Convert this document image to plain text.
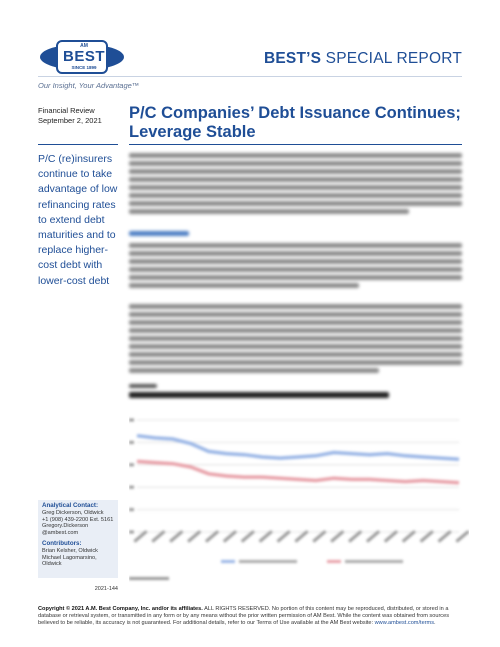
AM
BEST
SINCE 1899
BEST’S SPECIAL REPORT
Our Insight, Your Advantage™
Financial Review
September 2, 2021
P/C (re)insurers continue to take advantage of low refinancing rates to extend debt maturities and to replace higher-cost debt with lower-cost debt
Analytical Contact:
Greg Dickerson, Oldwick
+1 (908) 439-2200 Ext. 5161
Gregory.Dickerson
@ambest.com
Contributors:
Brian Kelsher, Oldwick
Michael Lagomarsino,
Oldwick
2021-144
P/C Companies’ Debt Issuance Continues; Leverage Stable
Copyright © 2021 A.M. Best Company, Inc. and/or its affiliates. ALL RIGHTS RESERVED. No portion of this content may be reproduced, distributed, or stored in a database or retrieval system, or transmitted in any form or by any means without the prior written permission of AM Best. While the content was obtained from sources believed to be reliable, its accuracy is not guaranteed. For additional details, refer to our Terms of Use available at the AM Best website: www.ambest.com/terms.
